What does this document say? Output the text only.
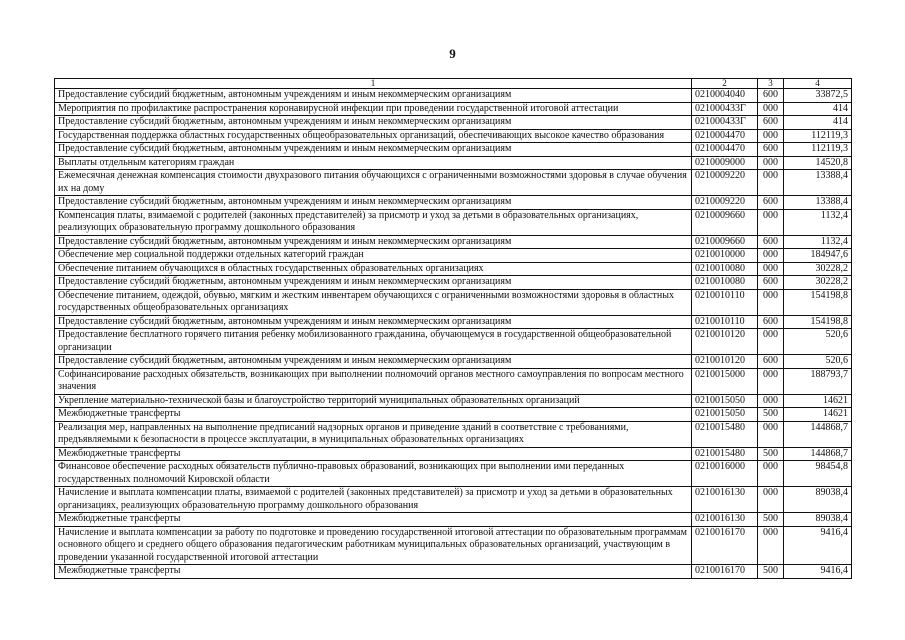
9
1	2	3	4
Предоставление субсидий бюджетным, автономным учреждениям и иным некоммерческим организациям	0210004040	600	33872,5
Мероприятия по профилактике распространения коронавирусной инфекции при проведении государственной итоговой аттестации	021000433Г	000	414
Предоставление субсидий бюджетным, автономным учреждениям и иным некоммерческим организациям	021000433Г	600	414
Государственная поддержка областных государственных общеобразовательных организаций, обеспечивающих высокое качество образования	0210004470	000	112119,3
Предоставление субсидий бюджетным, автономным учреждениям и иным некоммерческим организациям	0210004470	600	112119,3
Выплаты отдельным категориям граждан	0210009000	000	14520,8
Ежемесячная денежная компенсация стоимости двухразового питания обучающихся с ограниченными возможностями здоровья в случае обучения их на дому	0210009220	000	13388,4
Предоставление субсидий бюджетным, автономным учреждениям и иным некоммерческим организациям	0210009220	600	13388,4
Компенсация платы, взимаемой с родителей (законных представителей) за присмотр и уход за детьми в образовательных организациях, реализующих образовательную программу дошкольного образования	0210009660	000	1132,4
Предоставление субсидий бюджетным, автономным учреждениям и иным некоммерческим организациям	0210009660	600	1132,4
Обеспечение мер социальной поддержки отдельных категорий граждан	0210010000	000	184947,6
Обеспечение питанием обучающихся в областных государственных образовательных организациях	0210010080	000	30228,2
Предоставление субсидий бюджетным, автономным учреждениям и иным некоммерческим организациям	0210010080	600	30228,2
Обеспечение питанием, одеждой, обувью, мягким и жестким инвентарем обучающихся с ограниченными возможностями здоровья в областных государственных общеобразовательных организациях	0210010110	000	154198,8
Предоставление субсидий бюджетным, автономным учреждениям и иным некоммерческим организациям	0210010110	600	154198,8
Предоставление бесплатного горячего питания ребенку мобилизованного гражданина, обучающемуся в государственной общеобразовательной организации	0210010120	000	520,6
Предоставление субсидий бюджетным, автономным учреждениям и иным некоммерческим организациям	0210010120	600	520,6
Софинансирование расходных обязательств, возникающих при выполнении полномочий органов местного самоуправления по вопросам местного значения	0210015000	000	188793,7
Укрепление материально-технической базы и благоустройство территорий муниципальных образовательных организаций	0210015050	000	14621
Межбюджетные трансферты	0210015050	500	14621
Реализация мер, направленных на выполнение предписаний надзорных органов и приведение зданий в соответствие с требованиями, предъявляемыми к безопасности в процессе эксплуатации, в муниципальных образовательных организациях	0210015480	000	144868,7
Межбюджетные трансферты	0210015480	500	144868,7
Финансовое обеспечение расходных обязательств публично-правовых образований, возникающих при выполнении ими переданных государственных полномочий Кировской области	0210016000	000	98454,8
Начисление и выплата компенсации платы, взимаемой с родителей (законных представителей) за присмотр и уход за детьми в образовательных организациях, реализующих образовательную программу дошкольного образования	0210016130	000	89038,4
Межбюджетные трансферты	0210016130	500	89038,4
Начисление и выплата компенсации за работу по подготовке и проведению государственной итоговой аттестации по образовательным программам основного общего и среднего общего образования педагогическим работникам муниципальных образовательных организаций, участвующим в проведении указанной государственной итоговой аттестации	0210016170	000	9416,4
Межбюджетные трансферты	0210016170	500	9416,4
